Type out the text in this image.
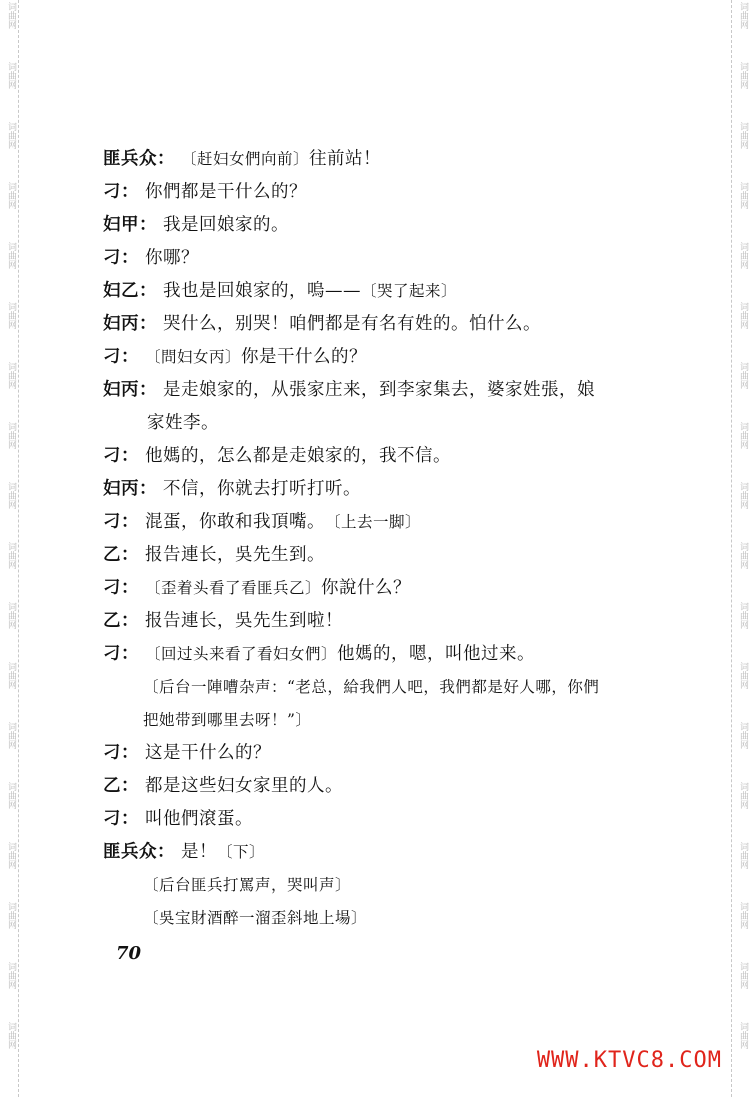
词曲网
词曲网
词曲网
词曲网
词曲网
词曲网
词曲网
词曲网
词曲网
词曲网
词曲网
词曲网
词曲网
词曲网
词曲网
词曲网
词曲网
词曲网
词曲网
词曲网
词曲网
词曲网
词曲网
词曲网
词曲网
词曲网
词曲网
词曲网
词曲网
词曲网
词曲网
词曲网
词曲网
词曲网
词曲网
词曲网
匪兵众 ： 〔赶妇女們向前〕 往前站！
刁 ： 你們都是干什么的？
妇甲 ： 我是回娘家的。
刁 ： 你哪？
妇乙 ： 我也是回娘家的，嗚—— 〔哭了起来〕
妇丙 ： 哭什么，别哭！咱們都是有名有姓的。怕什么。
刁 ： 〔問妇女丙〕 你是干什么的？
妇丙 ： 是走娘家的，从張家庄来，到李家集去，婆家姓張，娘
家姓李。
刁 ： 他媽的，怎么都是走娘家的，我不信。
妇丙 ： 不信，你就去打听打听。
刁 ： 混蛋，你敢和我頂嘴。 〔上去一脚〕
乙 ： 报告連长，吳先生到。
刁 ： 〔歪着头看了看匪兵乙〕 你說什么？
乙 ： 报告連长，吳先生到啦！
刁 ： 〔回过头来看了看妇女們〕 他媽的，嗯，叫他过来。
〔后台一陣嘈杂声：“老总，給我們人吧，我們都是好人哪，你們
把她带到哪里去呀！”〕
刁 ： 这是干什么的？
乙 ： 都是这些妇女家里的人。
刁 ： 叫他們滾蛋。
匪兵众 ： 是！ 〔下〕
〔后台匪兵打罵声，哭叫声〕
〔吳宝財酒醉一溜歪斜地上場〕
70
WWW.KTVC8.COM
